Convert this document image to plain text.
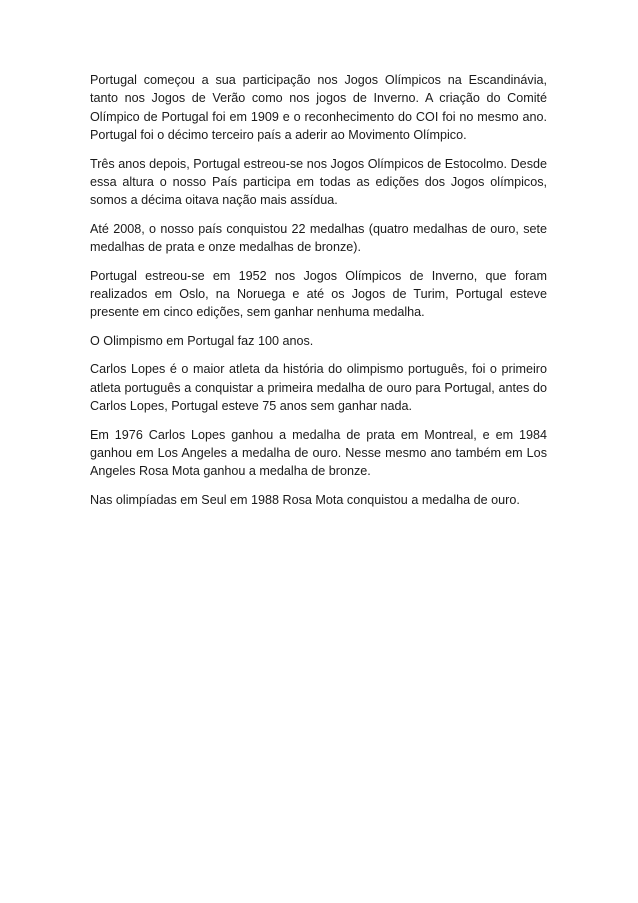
Portugal começou a sua participação nos Jogos Olímpicos na Escandinávia, tanto nos Jogos de Verão como nos jogos de Inverno. A criação do Comité Olímpico de Portugal foi em 1909 e o reconhecimento do COI foi no mesmo ano. Portugal foi o décimo terceiro país a aderir ao Movimento Olímpico.

Três anos depois, Portugal estreou-se nos Jogos Olímpicos de Estocolmo. Desde essa altura o nosso País participa em todas as edições dos Jogos olímpicos, somos a décima oitava nação mais assídua.

Até 2008, o nosso país conquistou 22 medalhas (quatro medalhas de ouro, sete medalhas de prata e onze medalhas de bronze).

Portugal estreou-se em 1952 nos Jogos Olímpicos de Inverno, que foram realizados em Oslo, na Noruega e até os Jogos de Turim, Portugal esteve presente em cinco edições, sem ganhar nenhuma medalha.

O Olimpismo em Portugal faz 100 anos.

Carlos Lopes é o maior atleta da história do olimpismo português, foi o primeiro atleta português a conquistar a primeira medalha de ouro para Portugal, antes do Carlos Lopes, Portugal esteve 75 anos sem ganhar nada.

Em 1976 Carlos Lopes ganhou a medalha de prata em Montreal, e em 1984 ganhou em Los Angeles a medalha de ouro. Nesse mesmo ano também em Los Angeles Rosa Mota ganhou a medalha de bronze.

Nas olimpíadas em Seul em 1988 Rosa Mota conquistou a medalha de ouro.
